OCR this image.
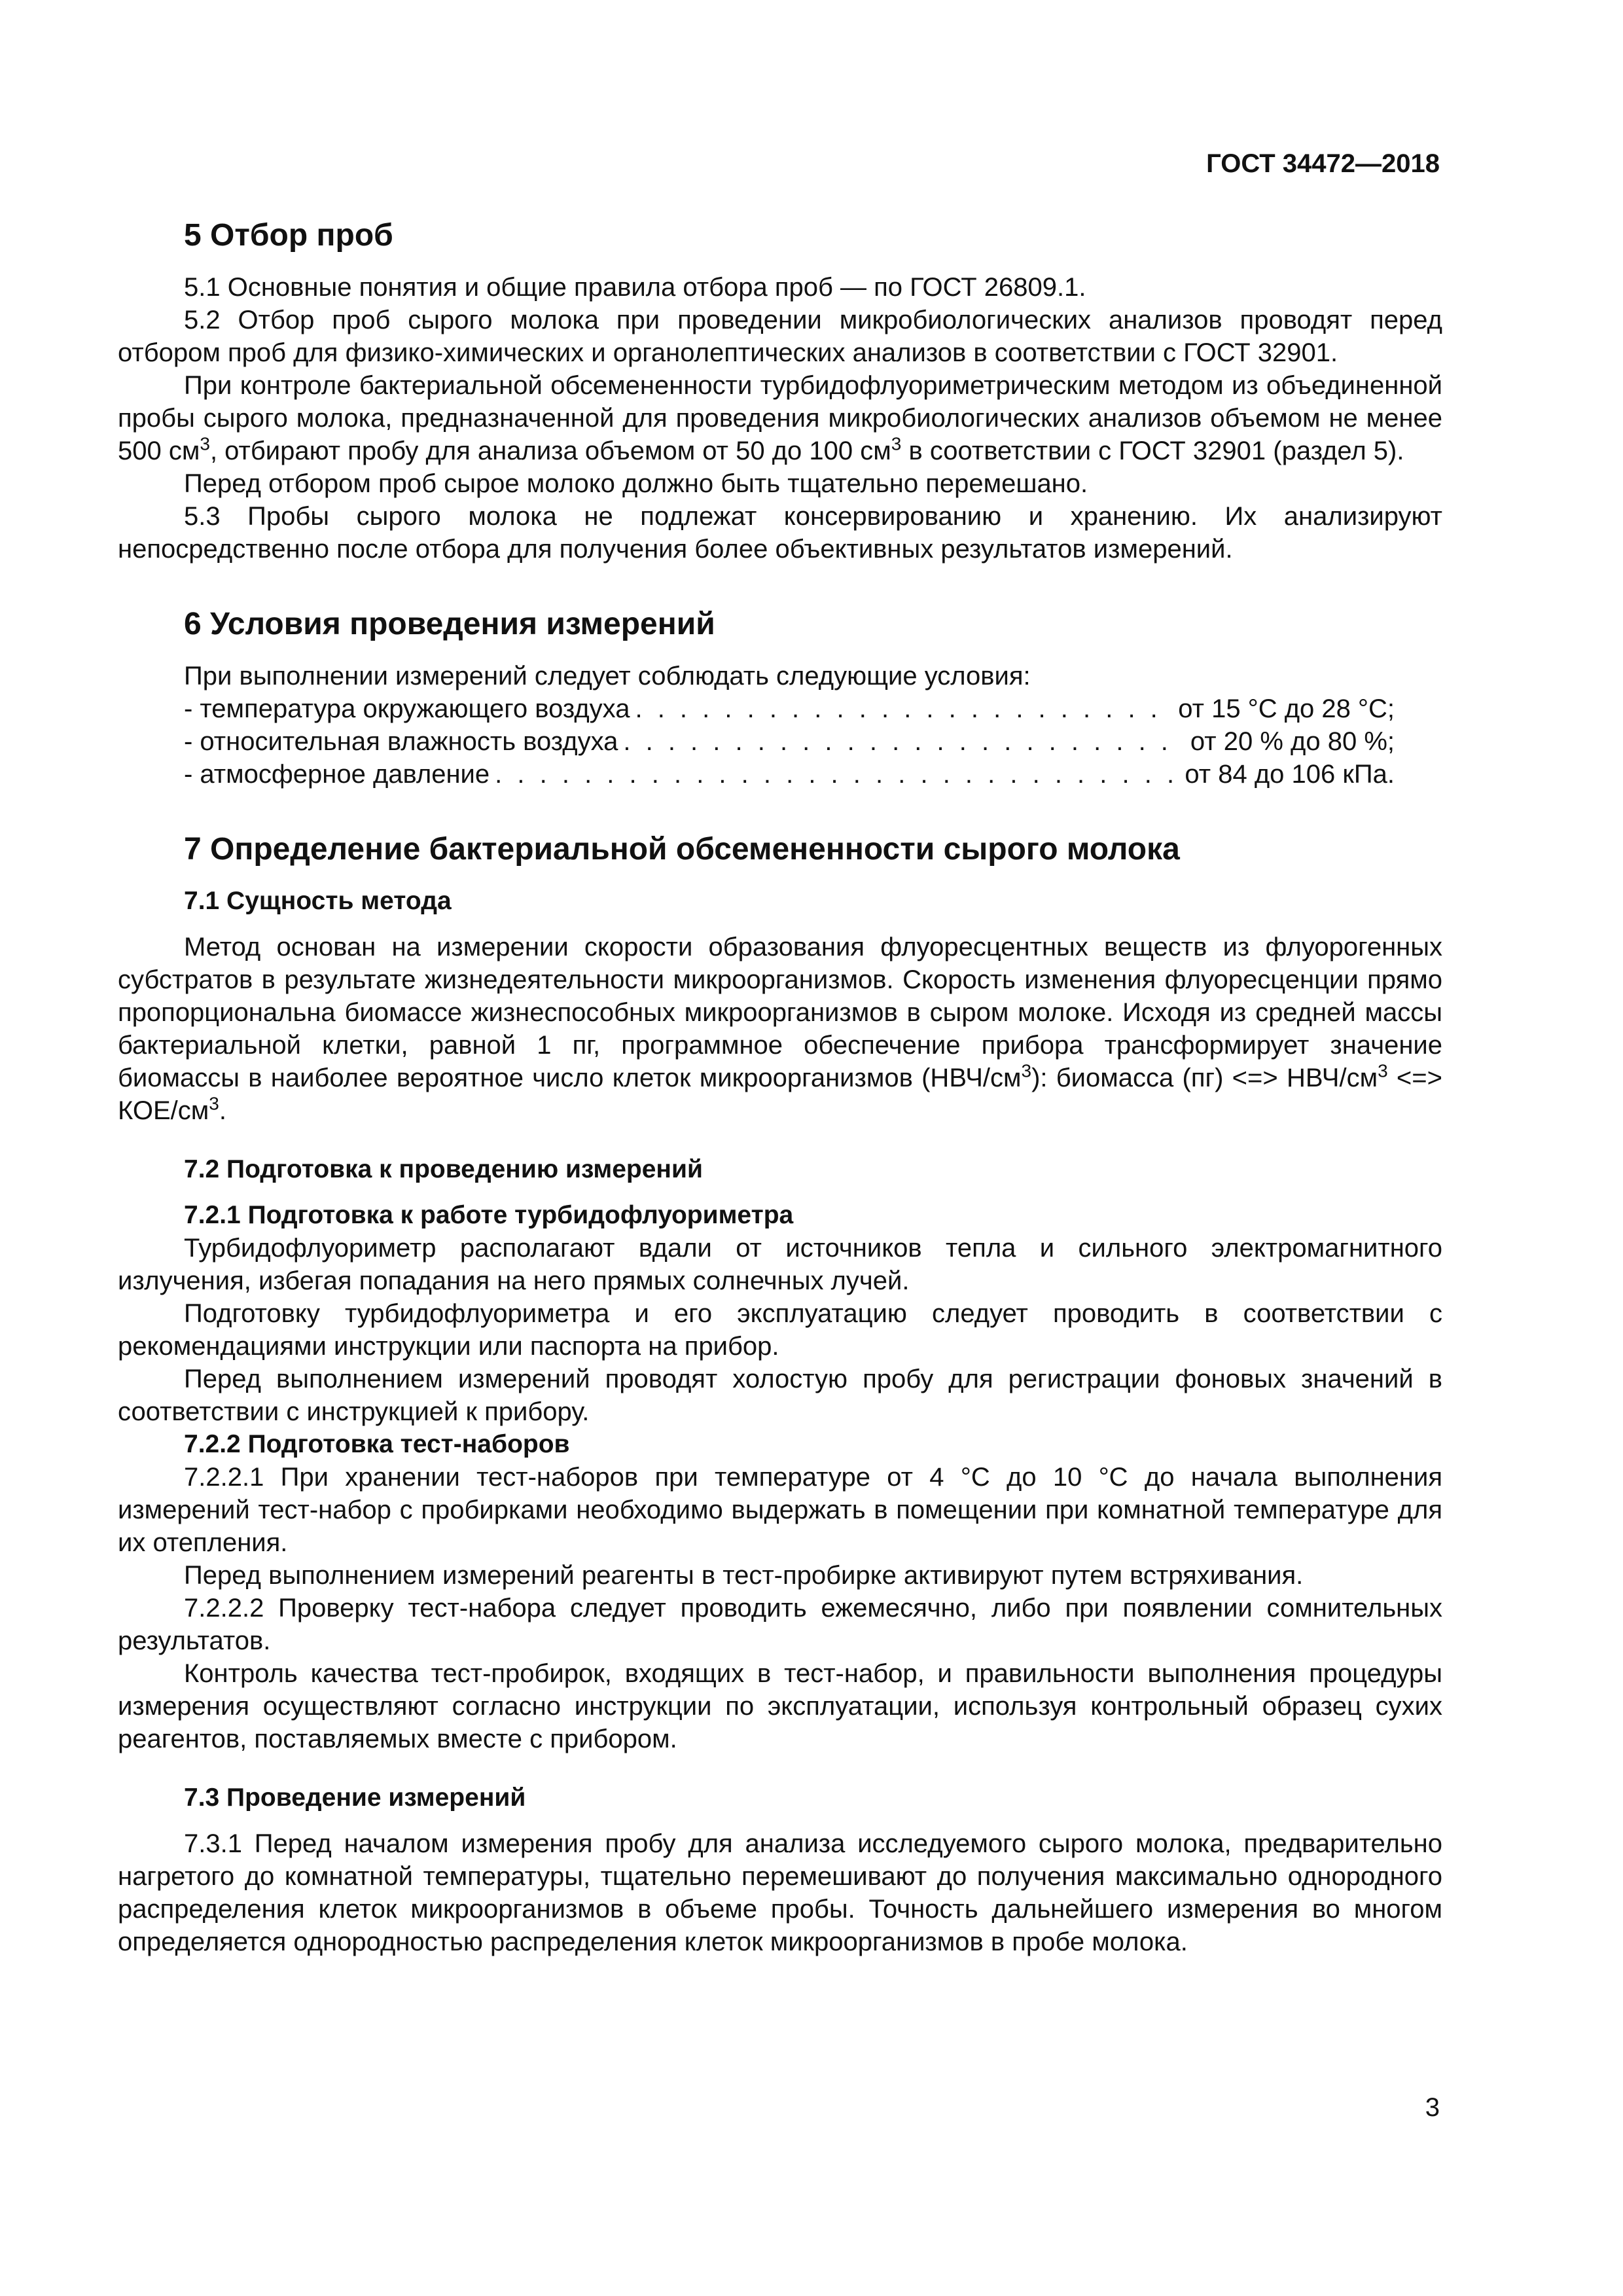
ГОСТ 34472—2018
5 Отбор проб

5.1 Основные понятия и общие правила отбора проб — по ГОСТ 26809.1.

5.2 Отбор проб сырого молока при проведении микробиологических анализов проводят перед отбором проб для физико-химических и органолептических анализов в соответствии с ГОСТ 32901.

При контроле бактериальной обсемененности турбидофлуориметрическим методом из объединенной пробы сырого молока, предназначенной для проведения микробиологических анализов объемом не менее 500 $см^3$, отбирают пробу для анализа объемом от 50 до 100 $см^3$ в соответствии с ГОСТ 32901 (раздел 5).

Перед отбором проб сырое молоко должно быть тщательно перемешано.

5.3 Пробы сырого молока не подлежат консервированию и хранению. Их анализируют непосредственно после отбора для получения более объективных результатов измерений.

6 Условия проведения измерений
При выполнении измерений следует соблюдать следующие условия:
- температура окружающего воздуха . . .	от 15 °С до 28 °С;
- относительная влажность воздуха . . .	от 20 % до 80 %;
- атмосферное давление . . .	от 84 до 106 кПа.
7 Определение бактериальной обсемененности сырого молока
7.1 Сущность метода

Метод основан на измерении скорости образования флуоресцентных веществ из флуорогенных субстратов в результате жизнедеятельности микроорганизмов. Скорость изменения флуоресценции прямо пропорциональна биомассе жизнеспособных микроорганизмов в сыром молоке. Исходя из средней массы бактериальной клетки, равной 1 пг, программное обеспечение прибора трансформирует значение биомассы в наиболее вероятное число клеток микроорганизмов $(НВЧ/см^3)$: биомасса (пг) <=> НВЧ/$см^3$ <=> КОЕ/$см^3$.

7.2 Подготовка к проведению измерений
7.2.1 Подготовка к работе турбидофлуориметра

Турбидофлуориметр располагают вдали от источников тепла и сильного электромагнитного излучения, избегая попадания на него прямых солнечных лучей.

Подготовку турбидофлуориметра и его эксплуатацию следует проводить в соответствии с рекомендациями инструкции или паспорта на прибор.

Перед выполнением измерений проводят холостую пробу для регистрации фоновых значений в соответствии с инструкцией к прибору.

7.2.2 Подготовка тест-наборов

7.2.2.1 При хранении тест-наборов при температуре от 4 °С до 10 °С до начала выполнения измерений тест-набор с пробирками необходимо выдержать в помещении при комнатной температуре для их отепления.

Перед выполнением измерений реагенты в тест-пробирке активируют путем встряхивания.

7.2.2.2 Проверку тест-набора следует проводить ежемесячно, либо при появлении сомнительных результатов.

Контроль качества тест-пробирок, входящих в тест-набор, и правильности выполнения процедуры измерения осуществляют согласно инструкции по эксплуатации, используя контрольный образец сухих реагентов, поставляемых вместе с прибором.

7.3 Проведение измерений

7.3.1 Перед началом измерения пробу для анализа исследуемого сырого молока, предварительно нагретого до комнатной температуры, тщательно перемешивают до получения максимально однородного распределения клеток микроорганизмов в объеме пробы. Точность дальнейшего измерения во многом определяется однородностью распределения клеток микроорганизмов в пробе молока.

3
